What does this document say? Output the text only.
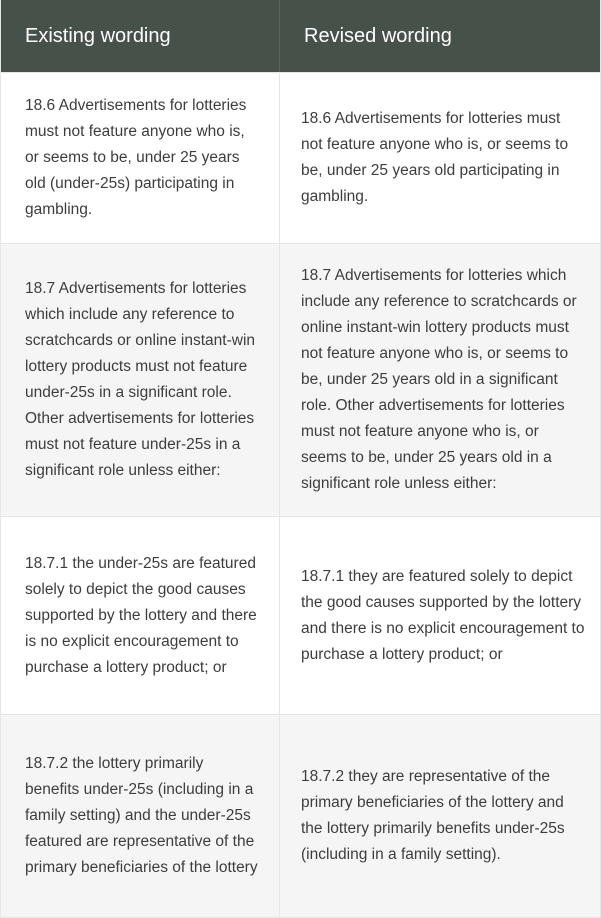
Existing wording	Revised wording

18.6 Advertisements for lotteries must not feature anyone who is, or seems to be, under 25 years old (under-25s) participating in gambling.

18.6 Advertisements for lotteries must not feature anyone who is, or seems to be, under 25 years old participating in gambling.

18.7 Advertisements for lotteries which include any reference to scratchcards or online instant-win lottery products must not feature under-25s in a significant role. Other advertisements for lotteries must not feature under-25s in a significant role unless either:

18.7 Advertisements for lotteries which include any reference to scratchcards or online instant-win lottery products must not feature anyone who is, or seems to be, under 25 years old in a significant role. Other advertisements for lotteries must not feature anyone who is, or seems to be, under 25 years old in a significant role unless either:

18.7.1 the under-25s are featured solely to depict the good causes supported by the lottery and there is no explicit encouragement to purchase a lottery product; or

18.7.1 they are featured solely to depict the good causes supported by the lottery and there is no explicit encouragement to purchase a lottery product; or

18.7.2 the lottery primarily benefits under-25s (including in a family setting) and the under-25s featured are representative of the primary beneficiaries of the lottery

18.7.2 they are representative of the primary beneficiaries of the lottery and the lottery primarily benefits under-25s (including in a family setting).
